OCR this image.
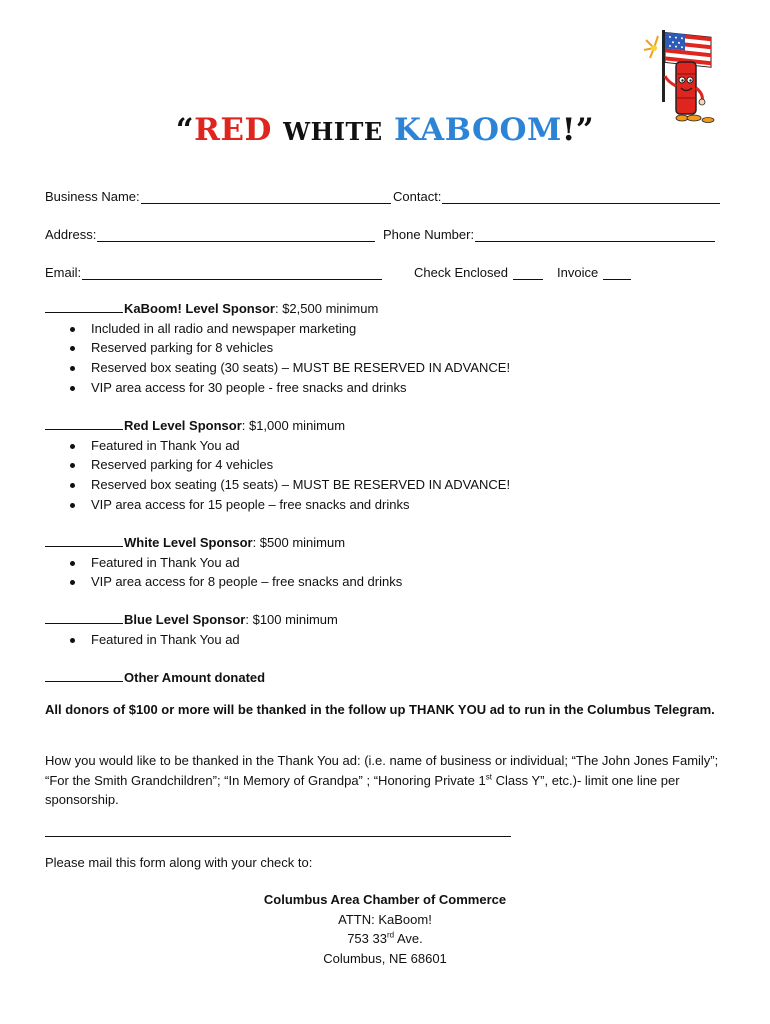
“RED WHITE KABOOM!”
Business Name:	Contact:
Address:	Phone Number:
Email:	Check Enclosed	Invoice
KaBoom! Level Sponsor: $2,500 minimum
Included in all radio and newspaper marketing
Reserved parking for 8 vehicles
Reserved box seating (30 seats) – MUST BE RESERVED IN ADVANCE!
VIP area access for 30 people - free snacks and drinks
Red Level Sponsor: $1,000 minimum
Featured in Thank You ad
Reserved parking for 4 vehicles
Reserved box seating (15 seats) – MUST BE RESERVED IN ADVANCE!
VIP area access for 15 people – free snacks and drinks
White Level Sponsor: $500 minimum
Featured in Thank You ad
VIP area access for 8 people – free snacks and drinks
Blue Level Sponsor: $100 minimum
Featured in Thank You ad
Other Amount donated
All donors of $100 or more will be thanked in the follow up THANK YOU ad to run in the Columbus Telegram.
How you would like to be thanked in the Thank You ad: (i.e. name of business or individual; “The John Jones Family”; “For the Smith Grandchildren”; “In Memory of Grandpa” ; “Honoring Private 1st Class Y”, etc.)- limit one line per sponsorship.
Please mail this form along with your check to:
Columbus Area Chamber of Commerce
ATTN: KaBoom!
753 33rd Ave.
Columbus, NE 68601
